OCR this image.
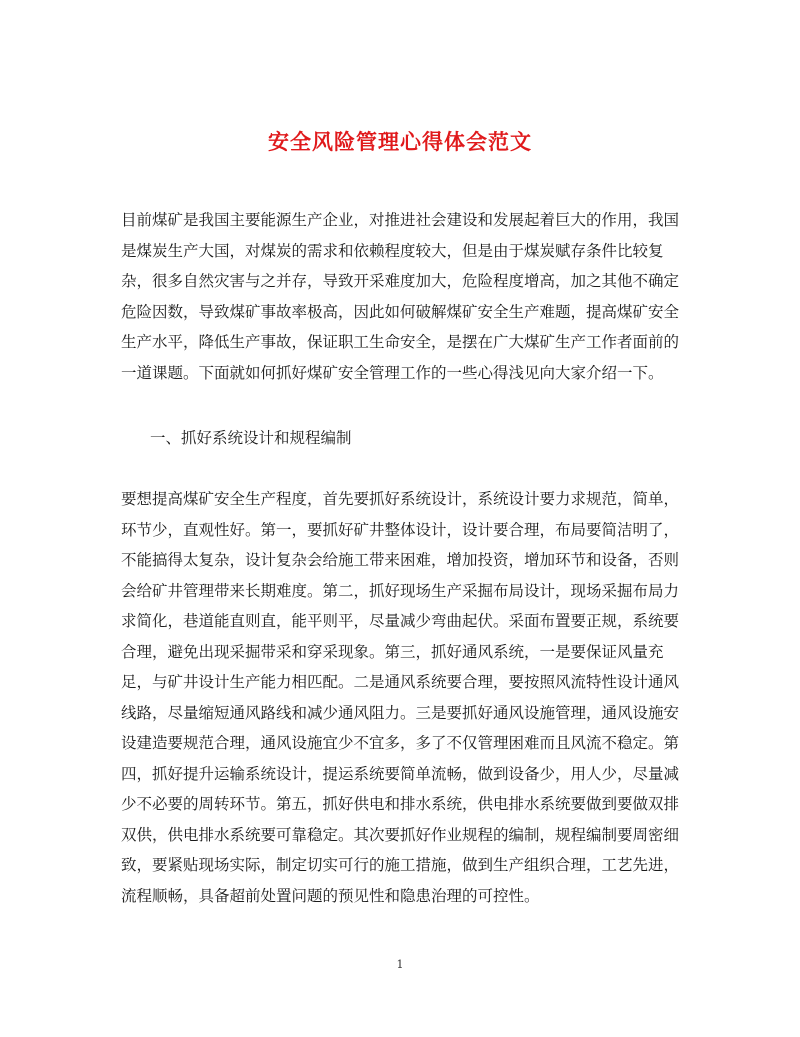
安全风险管理心得体会范文

目前煤矿是我国主要能源生产企业，对推进社会建设和发展起着巨大的作用，我国是煤炭生产大国，对煤炭的需求和依赖程度较大，但是由于煤炭赋存条件比较复杂，很多自然灾害与之并存，导致开采难度加大，危险程度增高，加之其他不确定危险因数，导致煤矿事故率极高，因此如何破解煤矿安全生产难题，提高煤矿安全生产水平，降低生产事故，保证职工生命安全，是摆在广大煤矿生产工作者面前的一道课题。下面就如何抓好煤矿安全管理工作的一些心得浅见向大家介绍一下。

一、抓好系统设计和规程编制

要想提高煤矿安全生产程度，首先要抓好系统设计，系统设计要力求规范，简单，环节少，直观性好。第一，要抓好矿井整体设计，设计要合理，布局要简洁明了，不能搞得太复杂，设计复杂会给施工带来困难，增加投资，增加环节和设备，否则会给矿井管理带来长期难度。第二，抓好现场生产采掘布局设计，现场采掘布局力求简化，巷道能直则直，能平则平，尽量减少弯曲起伏。采面布置要正规，系统要合理，避免出现采掘带采和穿采现象。第三，抓好通风系统，一是要保证风量充足，与矿井设计生产能力相匹配。二是通风系统要合理，要按照风流特性设计通风线路，尽量缩短通风路线和减少通风阻力。三是要抓好通风设施管理，通风设施安设建造要规范合理，通风设施宜少不宜多，多了不仅管理困难而且风流不稳定。第四，抓好提升运输系统设计，提运系统要简单流畅，做到设备少，用人少，尽量减少不必要的周转环节。第五，抓好供电和排水系统，供电排水系统要做到要做双排双供，供电排水系统要可靠稳定。其次要抓好作业规程的编制，规程编制要周密细致，要紧贴现场实际，制定切实可行的施工措施，做到生产组织合理，工艺先进，流程顺畅，具备超前处置问题的预见性和隐患治理的可控性。

1
